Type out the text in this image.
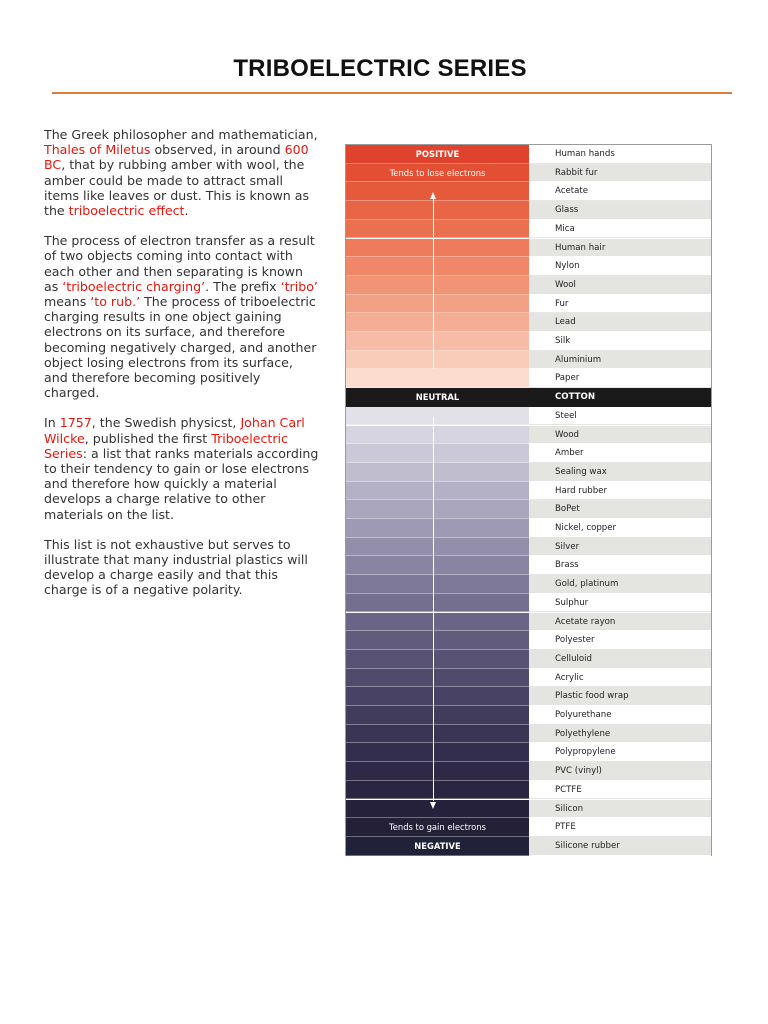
TRIBOELECTRIC SERIES

The Greek philosopher and mathematician, Thales of Miletus observed, in around 600 BC, that by rubbing amber with wool, the amber could be made to attract small items like leaves or dust. This is known as the triboelectric effect.

The process of electron transfer as a result of two objects coming into contact with each other and then separating is known as ‘triboelectric charging’. The prefix ‘tribo’ means ‘to rub.’ The process of triboelectric charging results in one object gaining electrons on its surface, and therefore becoming negatively charged, and another object losing electrons from its surface, and therefore becoming positively charged.

In 1757, the Swedish physicst, Johan Carl Wilcke, published the first Triboelectric Series: a list that ranks materials according to their tendency to gain or lose electrons and therefore how quickly a material develops a charge relative to other materials on the list.

This list is not exhaustive but serves to illustrate that many industrial plastics will develop a charge easily and that this charge is of a negative polarity.

POSITIVE	Human hands
Tends to lose electrons	Rabbit fur
Acetate
Glass
Mica
Human hair
Nylon
Wool
Fur
Lead
Silk
Aluminium
Paper
NEUTRAL	COTTON
Steel
Wood
Amber
Sealing wax
Hard rubber
BoPet
Nickel, copper
Silver
Brass
Gold, platinum
Sulphur
Acetate rayon
Polyester
Celluloid
Acrylic
Plastic food wrap
Polyurethane
Polyethylene
Polypropylene
PVC (vinyl)
PCTFE
Silicon
Tends to gain electrons	PTFE
NEGATIVE	Silicone rubber
